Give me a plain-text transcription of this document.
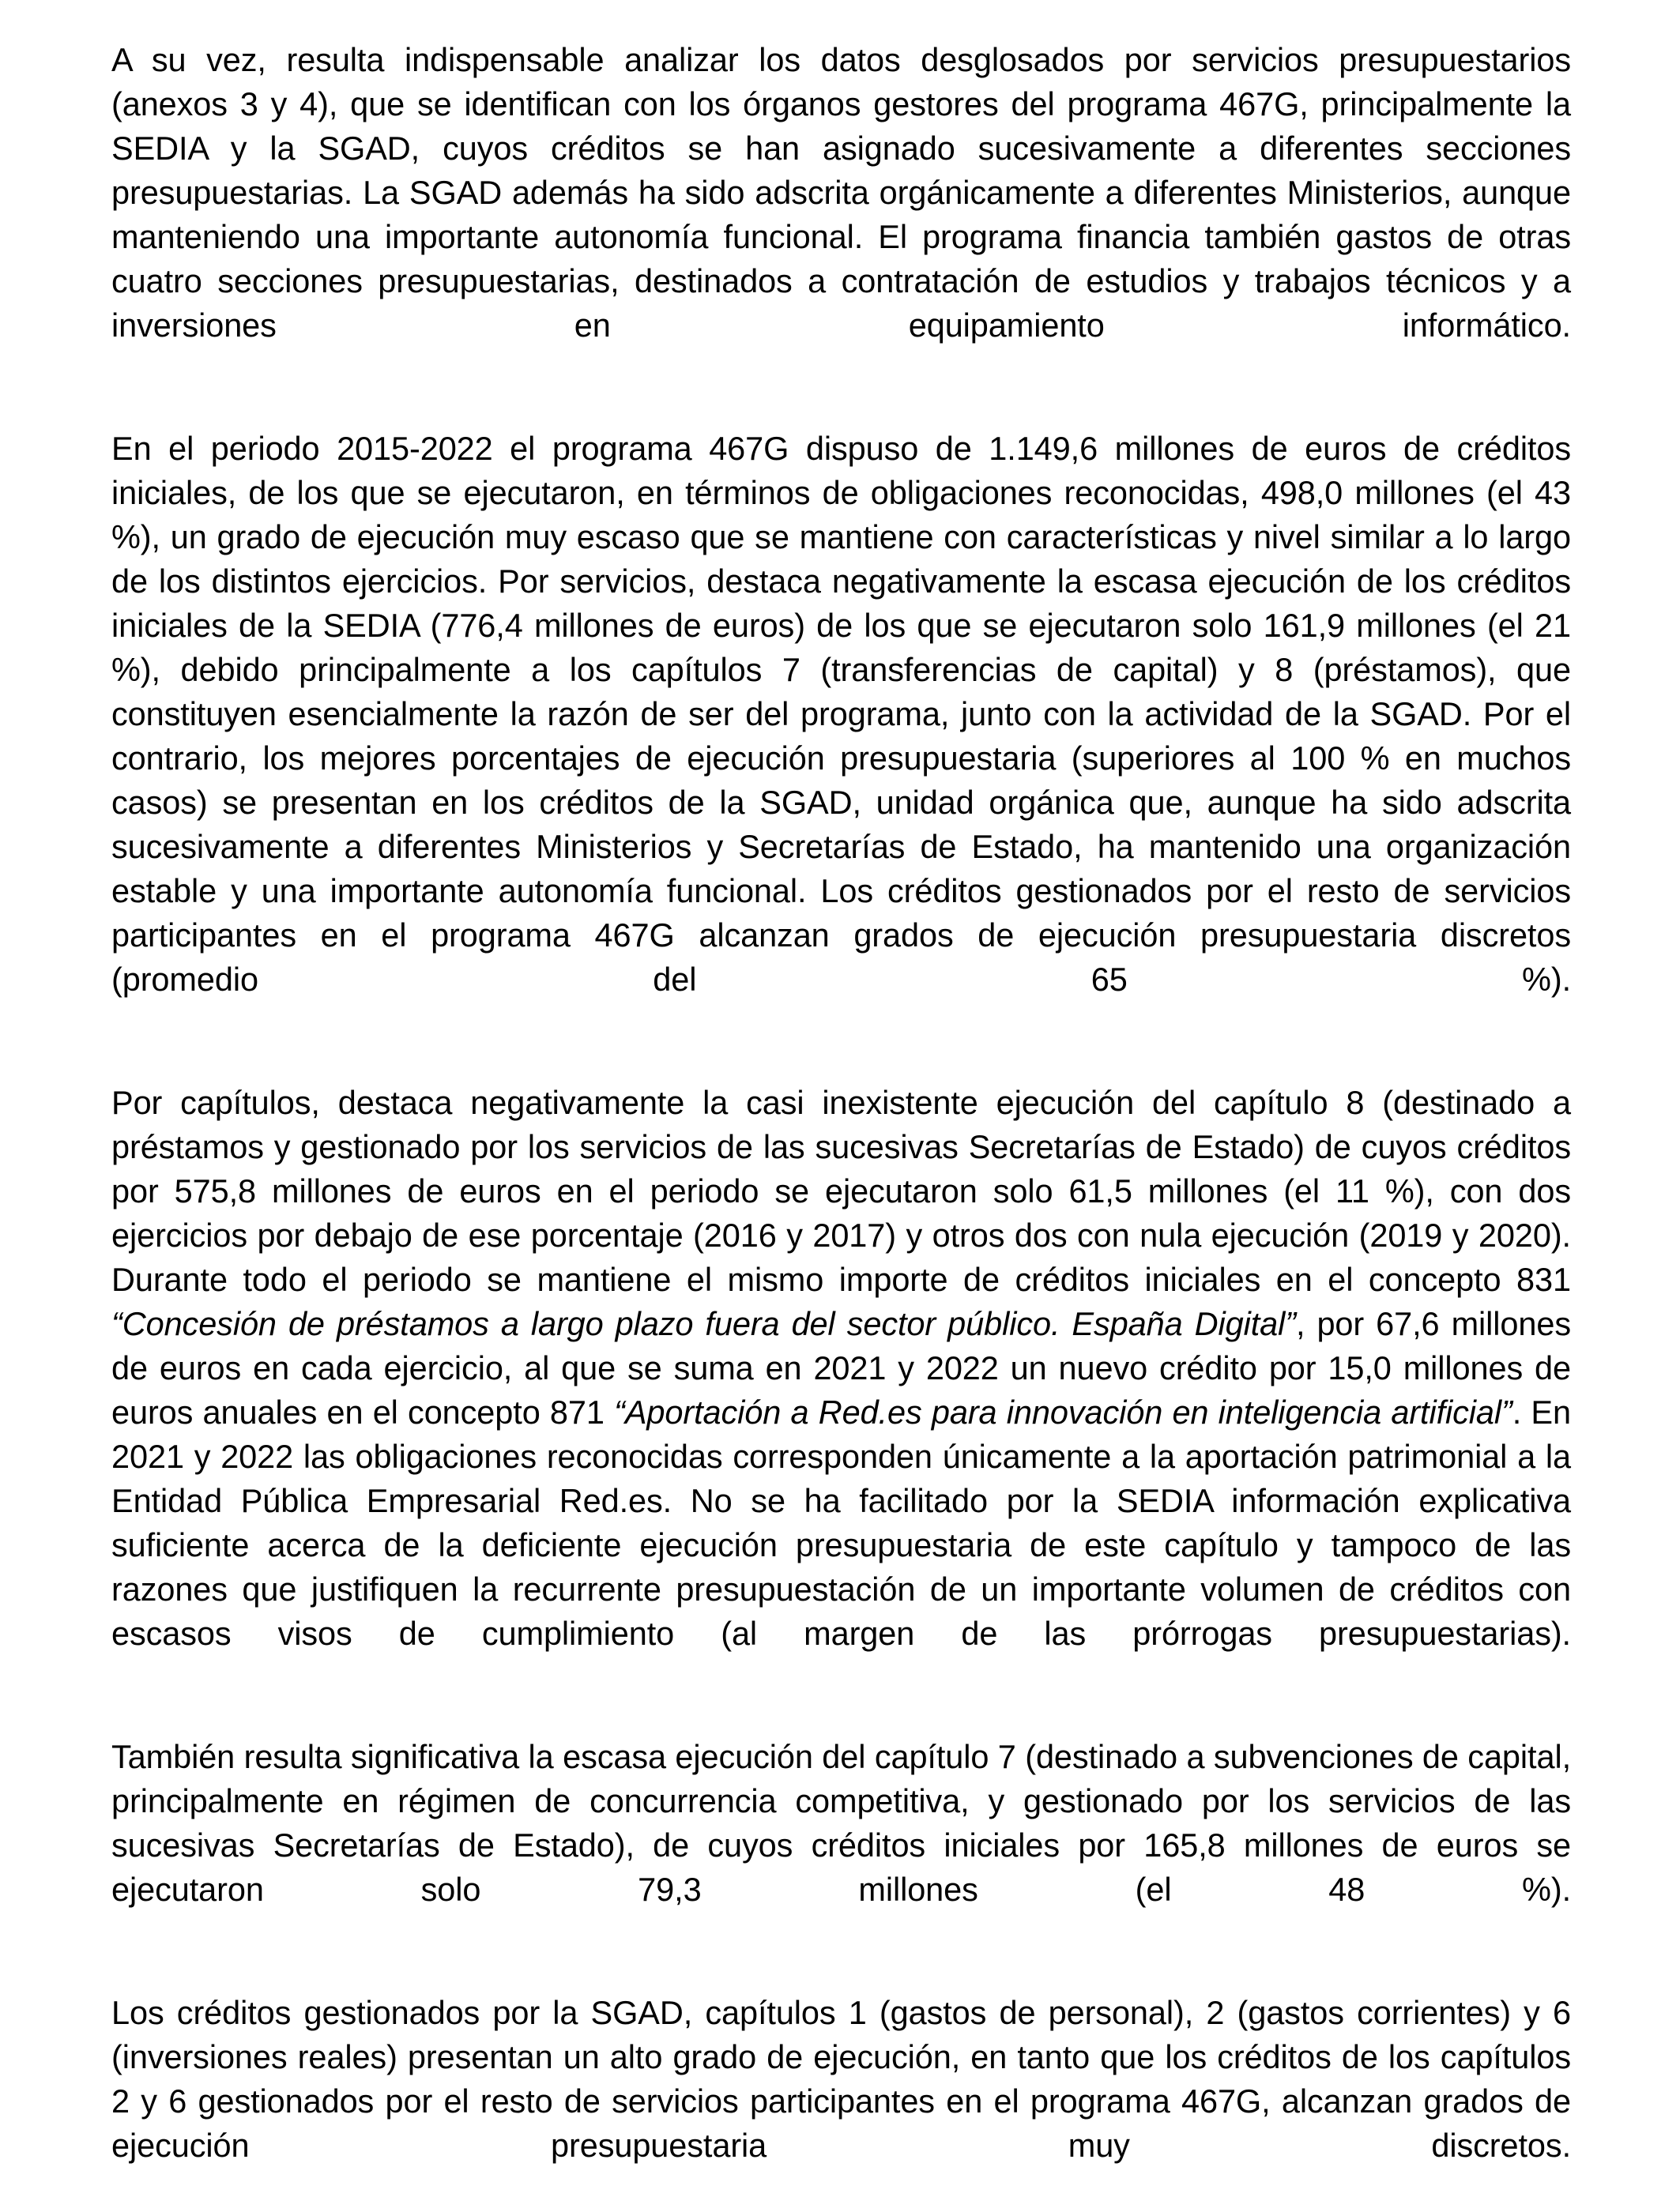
A su vez, resulta indispensable analizar los datos desglosados por servicios presupuestarios (anexos 3 y 4), que se identifican con los órganos gestores del programa 467G, principalmente la SEDIA y la SGAD, cuyos créditos se han asignado sucesivamente a diferentes secciones presupuestarias. La SGAD además ha sido adscrita orgánicamente a diferentes Ministerios, aunque manteniendo una importante autonomía funcional. El programa financia también gastos de otras cuatro secciones presupuestarias, destinados a contratación de estudios y trabajos técnicos y a inversiones en equipamiento informático.

En el periodo 2015-2022 el programa 467G dispuso de 1.149,6 millones de euros de créditos iniciales, de los que se ejecutaron, en términos de obligaciones reconocidas, 498,0 millones (el 43 %), un grado de ejecución muy escaso que se mantiene con características y nivel similar a lo largo de los distintos ejercicios. Por servicios, destaca negativamente la escasa ejecución de los créditos iniciales de la SEDIA (776,4 millones de euros) de los que se ejecutaron solo 161,9 millones (el 21 %), debido principalmente a los capítulos 7 (transferencias de capital) y 8 (préstamos), que constituyen esencialmente la razón de ser del programa, junto con la actividad de la SGAD. Por el contrario, los mejores porcentajes de ejecución presupuestaria (superiores al 100 % en muchos casos) se presentan en los créditos de la SGAD, unidad orgánica que, aunque ha sido adscrita sucesivamente a diferentes Ministerios y Secretarías de Estado, ha mantenido una organización estable y una importante autonomía funcional. Los créditos gestionados por el resto de servicios participantes en el programa 467G alcanzan grados de ejecución presupuestaria discretos (promedio del 65 %).

Por capítulos, destaca negativamente la casi inexistente ejecución del capítulo 8 (destinado a préstamos y gestionado por los servicios de las sucesivas Secretarías de Estado) de cuyos créditos por 575,8 millones de euros en el periodo se ejecutaron solo 61,5 millones (el 11 %), con dos ejercicios por debajo de ese porcentaje (2016 y 2017) y otros dos con nula ejecución (2019 y 2020). Durante todo el periodo se mantiene el mismo importe de créditos iniciales en el concepto 831 “Concesión de préstamos a largo plazo fuera del sector público. España Digital”, por 67,6 millones de euros en cada ejercicio, al que se suma en 2021 y 2022 un nuevo crédito por 15,0 millones de euros anuales en el concepto 871 “Aportación a Red.es para innovación en inteligencia artificial”. En 2021 y 2022 las obligaciones reconocidas corresponden únicamente a la aportación patrimonial a la Entidad Pública Empresarial Red.es. No se ha facilitado por la SEDIA información explicativa suficiente acerca de la deficiente ejecución presupuestaria de este capítulo y tampoco de las razones que justifiquen la recurrente presupuestación de un importante volumen de créditos con escasos visos de cumplimiento (al margen de las prórrogas presupuestarias).

También resulta significativa la escasa ejecución del capítulo 7 (destinado a subvenciones de capital, principalmente en régimen de concurrencia competitiva, y gestionado por los servicios de las sucesivas Secretarías de Estado), de cuyos créditos iniciales por 165,8 millones de euros se ejecutaron solo 79,3 millones (el 48 %).

Los créditos gestionados por la SGAD, capítulos 1 (gastos de personal), 2 (gastos corrientes) y 6 (inversiones reales) presentan un alto grado de ejecución, en tanto que los créditos de los capítulos 2 y 6 gestionados por el resto de servicios participantes en el programa 467G, alcanzan grados de ejecución presupuestaria muy discretos.
